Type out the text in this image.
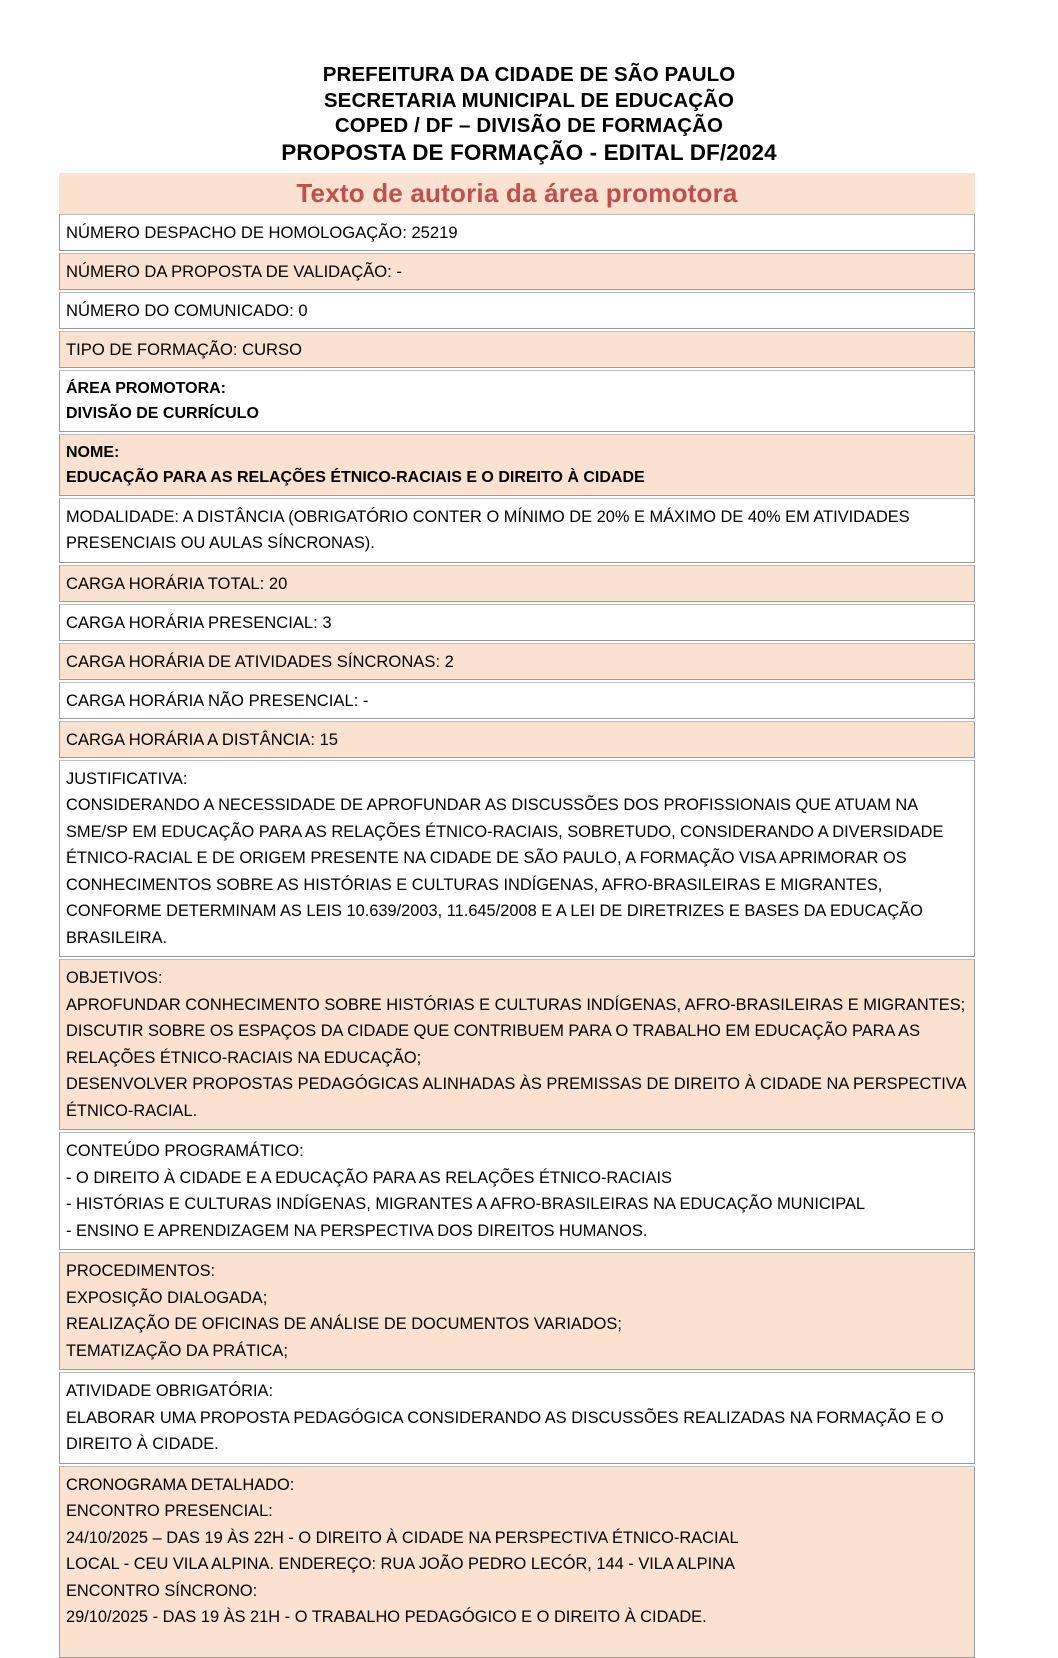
PREFEITURA DA CIDADE DE SÃO PAULO
SECRETARIA MUNICIPAL DE EDUCAÇÃO
COPED / DF – DIVISÃO DE FORMAÇÃO
PROPOSTA DE FORMAÇÃO - EDITAL DF/2024
Texto de autoria da área promotora
NÚMERO DESPACHO DE HOMOLOGAÇÃO: 25219
NÚMERO DA PROPOSTA DE VALIDAÇÃO: -
NÚMERO DO COMUNICADO: 0
TIPO DE FORMAÇÃO: CURSO
ÁREA PROMOTORA:
DIVISÃO DE CURRÍCULO
NOME:
EDUCAÇÃO PARA AS RELAÇÕES ÉTNICO-RACIAIS E O DIREITO À CIDADE
MODALIDADE: A DISTÂNCIA (OBRIGATÓRIO CONTER O MÍNIMO DE 20% E MÁXIMO DE 40% EM ATIVIDADES PRESENCIAIS OU AULAS SÍNCRONAS).
CARGA HORÁRIA TOTAL: 20
CARGA HORÁRIA PRESENCIAL: 3
CARGA HORÁRIA DE ATIVIDADES SÍNCRONAS: 2
CARGA HORÁRIA NÃO PRESENCIAL: -
CARGA HORÁRIA A DISTÂNCIA: 15
JUSTIFICATIVA:
CONSIDERANDO A NECESSIDADE DE APROFUNDAR AS DISCUSSÕES DOS PROFISSIONAIS QUE ATUAM NA SME/SP EM EDUCAÇÃO PARA AS RELAÇÕES ÉTNICO-RACIAIS, SOBRETUDO, CONSIDERANDO A DIVERSIDADE ÉTNICO-RACIAL E DE ORIGEM PRESENTE NA CIDADE DE SÃO PAULO, A FORMAÇÃO VISA APRIMORAR OS CONHECIMENTOS SOBRE AS HISTÓRIAS E CULTURAS INDÍGENAS, AFRO-BRASILEIRAS E MIGRANTES, CONFORME DETERMINAM AS LEIS 10.639/2003, 11.645/2008 E A LEI DE DIRETRIZES E BASES DA EDUCAÇÃO BRASILEIRA.
OBJETIVOS:
APROFUNDAR CONHECIMENTO SOBRE HISTÓRIAS E CULTURAS INDÍGENAS, AFRO-BRASILEIRAS E MIGRANTES;
DISCUTIR SOBRE OS ESPAÇOS DA CIDADE QUE CONTRIBUEM PARA O TRABALHO EM EDUCAÇÃO PARA AS RELAÇÕES ÉTNICO-RACIAIS NA EDUCAÇÃO;
DESENVOLVER PROPOSTAS PEDAGÓGICAS ALINHADAS ÀS PREMISSAS DE DIREITO À CIDADE NA PERSPECTIVA ÉTNICO-RACIAL.
CONTEÚDO PROGRAMÁTICO:
- O DIREITO À CIDADE E A EDUCAÇÃO PARA AS RELAÇÕES ÉTNICO-RACIAIS
- HISTÓRIAS E CULTURAS INDÍGENAS, MIGRANTES A AFRO-BRASILEIRAS NA EDUCAÇÃO MUNICIPAL
- ENSINO E APRENDIZAGEM NA PERSPECTIVA DOS DIREITOS HUMANOS.
PROCEDIMENTOS:
EXPOSIÇÃO DIALOGADA;
REALIZAÇÃO DE OFICINAS DE ANÁLISE DE DOCUMENTOS VARIADOS;
TEMATIZAÇÃO DA PRÁTICA;
ATIVIDADE OBRIGATÓRIA:
ELABORAR UMA PROPOSTA PEDAGÓGICA CONSIDERANDO AS DISCUSSÕES REALIZADAS NA FORMAÇÃO E O DIREITO À CIDADE.
CRONOGRAMA DETALHADO:
ENCONTRO PRESENCIAL:
24/10/2025 – DAS 19 ÀS 22H - O DIREITO À CIDADE NA PERSPECTIVA ÉTNICO-RACIAL
LOCAL - CEU VILA ALPINA. ENDEREÇO: RUA JOÃO PEDRO LECÓR, 144 - VILA ALPINA
ENCONTRO SÍNCRONO:
29/10/2025 - DAS 19 ÀS 21H - O TRABALHO PEDAGÓGICO E O DIREITO À CIDADE.
